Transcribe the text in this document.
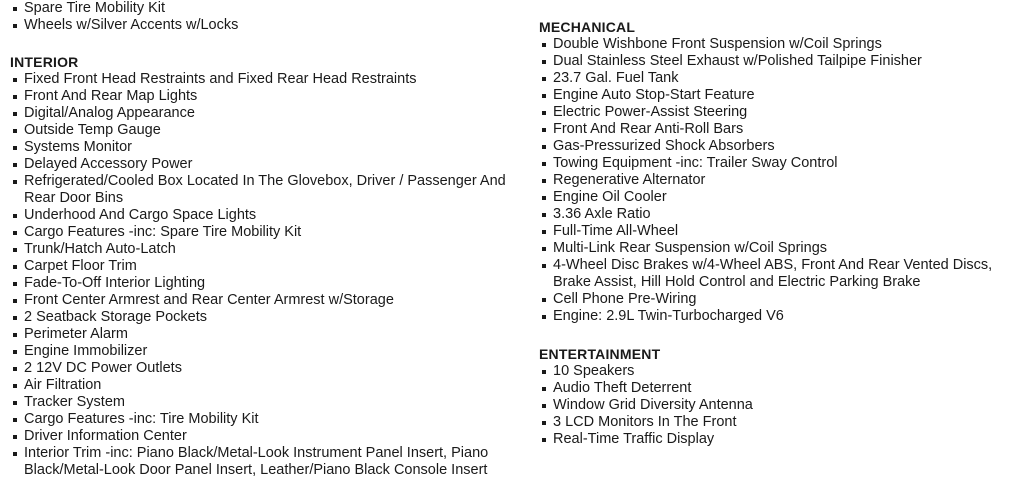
Spare Tire Mobility Kit
Wheels w/Silver Accents w/Locks
INTERIOR
Fixed Front Head Restraints and Fixed Rear Head Restraints
Front And Rear Map Lights
Digital/Analog Appearance
Outside Temp Gauge
Systems Monitor
Delayed Accessory Power
Refrigerated/Cooled Box Located In The Glovebox, Driver / Passenger And Rear Door Bins
Underhood And Cargo Space Lights
Cargo Features -inc: Spare Tire Mobility Kit
Trunk/Hatch Auto-Latch
Carpet Floor Trim
Fade-To-Off Interior Lighting
Front Center Armrest and Rear Center Armrest w/Storage
2 Seatback Storage Pockets
Perimeter Alarm
Engine Immobilizer
2 12V DC Power Outlets
Air Filtration
Tracker System
Cargo Features -inc: Tire Mobility Kit
Driver Information Center
Interior Trim -inc: Piano Black/Metal-Look Instrument Panel Insert, Piano Black/Metal-Look Door Panel Insert, Leather/Piano Black Console Insert
MECHANICAL
Double Wishbone Front Suspension w/Coil Springs
Dual Stainless Steel Exhaust w/Polished Tailpipe Finisher
23.7 Gal. Fuel Tank
Engine Auto Stop-Start Feature
Electric Power-Assist Steering
Front And Rear Anti-Roll Bars
Gas-Pressurized Shock Absorbers
Towing Equipment -inc: Trailer Sway Control
Regenerative Alternator
Engine Oil Cooler
3.36 Axle Ratio
Full-Time All-Wheel
Multi-Link Rear Suspension w/Coil Springs
4-Wheel Disc Brakes w/4-Wheel ABS, Front And Rear Vented Discs, Brake Assist, Hill Hold Control and Electric Parking Brake
Cell Phone Pre-Wiring
Engine: 2.9L Twin-Turbocharged V6
ENTERTAINMENT
10 Speakers
Audio Theft Deterrent
Window Grid Diversity Antenna
3 LCD Monitors In The Front
Real-Time Traffic Display
